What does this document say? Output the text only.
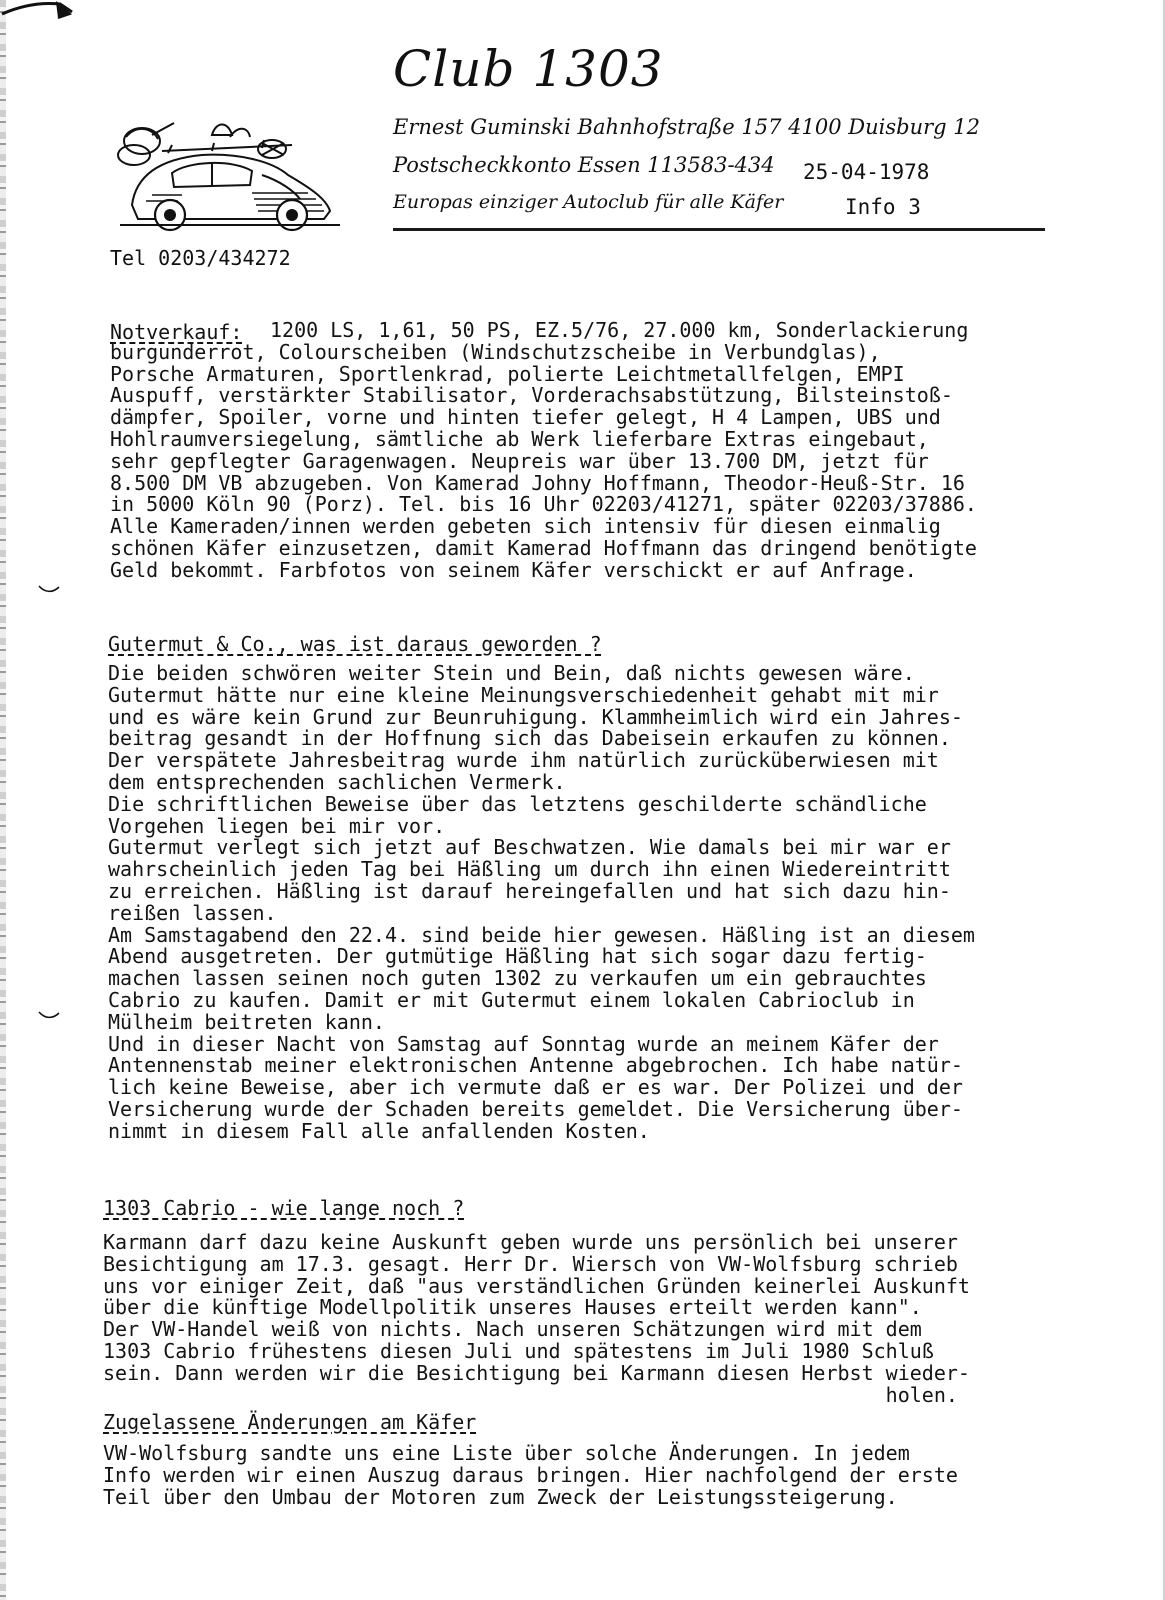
Club 1303
Ernest Guminski Bahnhofstraße 157 4100 Duisburg 12
Postscheckkonto Essen 113583-434 25-04-1978
Europas einziger Autoclub für alle Käfer	Info 3
Tel 0203/434272
Notverkauf:	1200 LS, 1,61, 50 PS, EZ.5/76, 27.000 km, Sonderlackierung
burgunderrot, Colourscheiben (Windschutzscheibe in Verbundglas),
Porsche Armaturen, Sportlenkrad, polierte Leichtmetallfelgen, EMPI
Auspuff, verstärkter Stabilisator, Vorderachsabstützung, Bilsteinstoß-
dämpfer, Spoiler, vorne und hinten tiefer gelegt, H 4 Lampen, UBS und
Hohlraumversiegelung, sämtliche ab Werk lieferbare Extras eingebaut,
sehr gepflegter Garagenwagen. Neupreis war über 13.700 DM, jetzt für
8.500 DM VB abzugeben. Von Kamerad Johny Hoffmann, Theodor-Heuß-Str. 16
in 5000 Köln 90 (Porz). Tel. bis 16 Uhr 02203/41271, später 02203/37886.
Alle Kameraden/innen werden gebeten sich intensiv für diesen einmalig
schönen Käfer einzusetzen, damit Kamerad Hoffmann das dringend benötigte
Geld bekommt. Farbfotos von seinem Käfer verschickt er auf Anfrage.
Gutermut & Co., was ist daraus geworden ?
Die beiden schwören weiter Stein und Bein, daß nichts gewesen wäre.
Gutermut hätte nur eine kleine Meinungsverschiedenheit gehabt mit mir
und es wäre kein Grund zur Beunruhigung. Klammheimlich wird ein Jahres-
beitrag gesandt in der Hoffnung sich das Dabeisein erkaufen zu können.
Der verspätete Jahresbeitrag wurde ihm natürlich zurücküberwiesen mit
dem entsprechenden sachlichen Vermerk.
Die schriftlichen Beweise über das letztens geschilderte schändliche
Vorgehen liegen bei mir vor.
Gutermut verlegt sich jetzt auf Beschwatzen. Wie damals bei mir war er
wahrscheinlich jeden Tag bei Häßling um durch ihn einen Wiedereintritt
zu erreichen. Häßling ist darauf hereingefallen und hat sich dazu hin-
reißen lassen.
Am Samstagabend den 22.4. sind beide hier gewesen. Häßling ist an diesem
Abend ausgetreten. Der gutmütige Häßling hat sich sogar dazu fertig-
machen lassen seinen noch guten 1302 zu verkaufen um ein gebrauchtes
Cabrio zu kaufen. Damit er mit Gutermut einem lokalen Cabrioclub in
Mülheim beitreten kann.
Und in dieser Nacht von Samstag auf Sonntag wurde an meinem Käfer der
Antennenstab meiner elektronischen Antenne abgebrochen. Ich habe natür-
lich keine Beweise, aber ich vermute daß er es war. Der Polizei und der
Versicherung wurde der Schaden bereits gemeldet. Die Versicherung über-
nimmt in diesem Fall alle anfallenden Kosten.
1303 Cabrio - wie lange noch ?
Karmann darf dazu keine Auskunft geben wurde uns persönlich bei unserer
Besichtigung am 17.3. gesagt. Herr Dr. Wiersch von VW-Wolfsburg schrieb
uns vor einiger Zeit, daß "aus verständlichen Gründen keinerlei Auskunft
über die künftige Modellpolitik unseres Hauses erteilt werden kann".
Der VW-Handel weiß von nichts. Nach unseren Schätzungen wird mit dem
1303 Cabrio frühestens diesen Juli und spätestens im Juli 1980 Schluß
sein. Dann werden wir die Besichtigung bei Karmann diesen Herbst wieder-
holen.
Zugelassene Änderungen am Käfer
VW-Wolfsburg sandte uns eine Liste über solche Änderungen. In jedem
Info werden wir einen Auszug daraus bringen. Hier nachfolgend der erste
Teil über den Umbau der Motoren zum Zweck der Leistungssteigerung.
